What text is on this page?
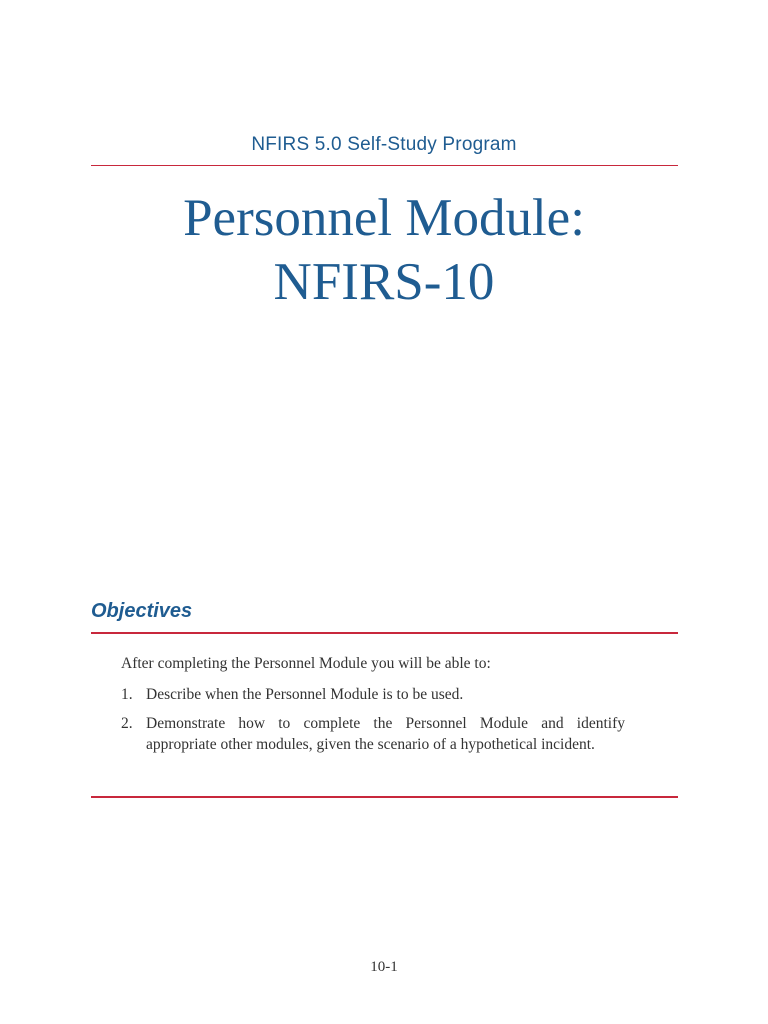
NFIRS 5.0 Self-Study Program
Personnel Module:
NFIRS-10
Objectives
After completing the Personnel Module you will be able to:
1. Describe when the Personnel Module is to be used.
2. Demonstrate how to complete the Personnel Module and identify appropriate other modules, given the scenario of a hypothetical incident.
10-1
